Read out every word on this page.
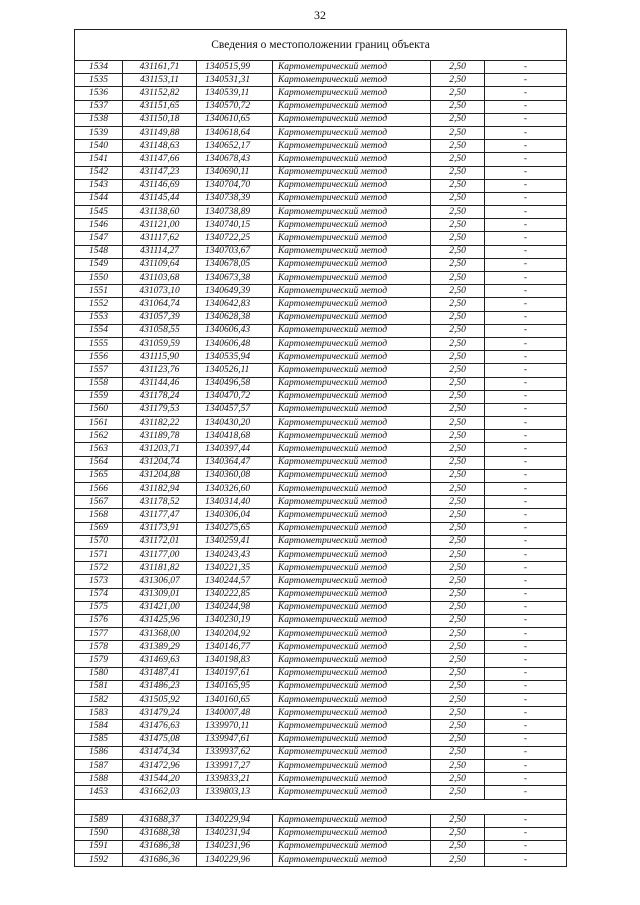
32
Сведения о местоположении границ объекта					
1534	431161,71	1340515,99	Картометрический метод	2,50	-
1535	431153,11	1340531,31	Картометрический метод	2,50	-
1536	431152,82	1340539,11	Картометрический метод	2,50	-
1537	431151,65	1340570,72	Картометрический метод	2,50	-
1538	431150,18	1340610,65	Картометрический метод	2,50	-
1539	431149,88	1340618,64	Картометрический метод	2,50	-
1540	431148,63	1340652,17	Картометрический метод	2,50	-
1541	431147,66	1340678,43	Картометрический метод	2,50	-
1542	431147,23	1340690,11	Картометрический метод	2,50	-
1543	431146,69	1340704,70	Картометрический метод	2,50	-
1544	431145,44	1340738,39	Картометрический метод	2,50	-
1545	431138,60	1340738,89	Картометрический метод	2,50	-
1546	431121,00	1340740,15	Картометрический метод	2,50	-
1547	431117,62	1340722,25	Картометрический метод	2,50	-
1548	431114,27	1340703,67	Картометрический метод	2,50	-
1549	431109,64	1340678,05	Картометрический метод	2,50	-
1550	431103,68	1340673,38	Картометрический метод	2,50	-
1551	431073,10	1340649,39	Картометрический метод	2,50	-
1552	431064,74	1340642,83	Картометрический метод	2,50	-
1553	431057,39	1340628,38	Картометрический метод	2,50	-
1554	431058,55	1340606,43	Картометрический метод	2,50	-
1555	431059,59	1340606,48	Картометрический метод	2,50	-
1556	431115,90	1340535,94	Картометрический метод	2,50	-
1557	431123,76	1340526,11	Картометрический метод	2,50	-
1558	431144,46	1340496,58	Картометрический метод	2,50	-
1559	431178,24	1340470,72	Картометрический метод	2,50	-
1560	431179,53	1340457,57	Картометрический метод	2,50	-
1561	431182,22	1340430,20	Картометрический метод	2,50	-
1562	431189,78	1340418,68	Картометрический метод	2,50	-
1563	431203,71	1340397,44	Картометрический метод	2,50	-
1564	431204,74	1340364,47	Картометрический метод	2,50	-
1565	431204,88	1340360,08	Картометрический метод	2,50	-
1566	431182,94	1340326,60	Картометрический метод	2,50	-
1567	431178,52	1340314,40	Картометрический метод	2,50	-
1568	431177,47	1340306,04	Картометрический метод	2,50	-
1569	431173,91	1340275,65	Картометрический метод	2,50	-
1570	431172,01	1340259,41	Картометрический метод	2,50	-
1571	431177,00	1340243,43	Картометрический метод	2,50	-
1572	431181,82	1340221,35	Картометрический метод	2,50	-
1573	431306,07	1340244,57	Картометрический метод	2,50	-
1574	431309,01	1340222,85	Картометрический метод	2,50	-
1575	431421,00	1340244,98	Картометрический метод	2,50	-
1576	431425,96	1340230,19	Картометрический метод	2,50	-
1577	431368,00	1340204,92	Картометрический метод	2,50	-
1578	431389,29	1340146,77	Картометрический метод	2,50	-
1579	431469,63	1340198,83	Картометрический метод	2,50	-
1580	431487,41	1340197,61	Картометрический метод	2,50	-
1581	431486,23	1340165,95	Картометрический метод	2,50	-
1582	431505,92	1340160,65	Картометрический метод	2,50	-
1583	431479,24	1340007,48	Картометрический метод	2,50	-
1584	431476,63	1339970,11	Картометрический метод	2,50	-
1585	431475,08	1339947,61	Картометрический метод	2,50	-
1586	431474,34	1339937,62	Картометрический метод	2,50	-
1587	431472,96	1339917,27	Картометрический метод	2,50	-
1588	431544,20	1339833,21	Картометрический метод	2,50	-
1453	431662,03	1339803,13	Картометрический метод	2,50	-

1589	431688,37	1340229,94	Картометрический метод	2,50	-
1590	431688,38	1340231,94	Картометрический метод	2,50	-
1591	431686,38	1340231,96	Картометрический метод	2,50	-
1592	431686,36	1340229,96	Картометрический метод	2,50	-
